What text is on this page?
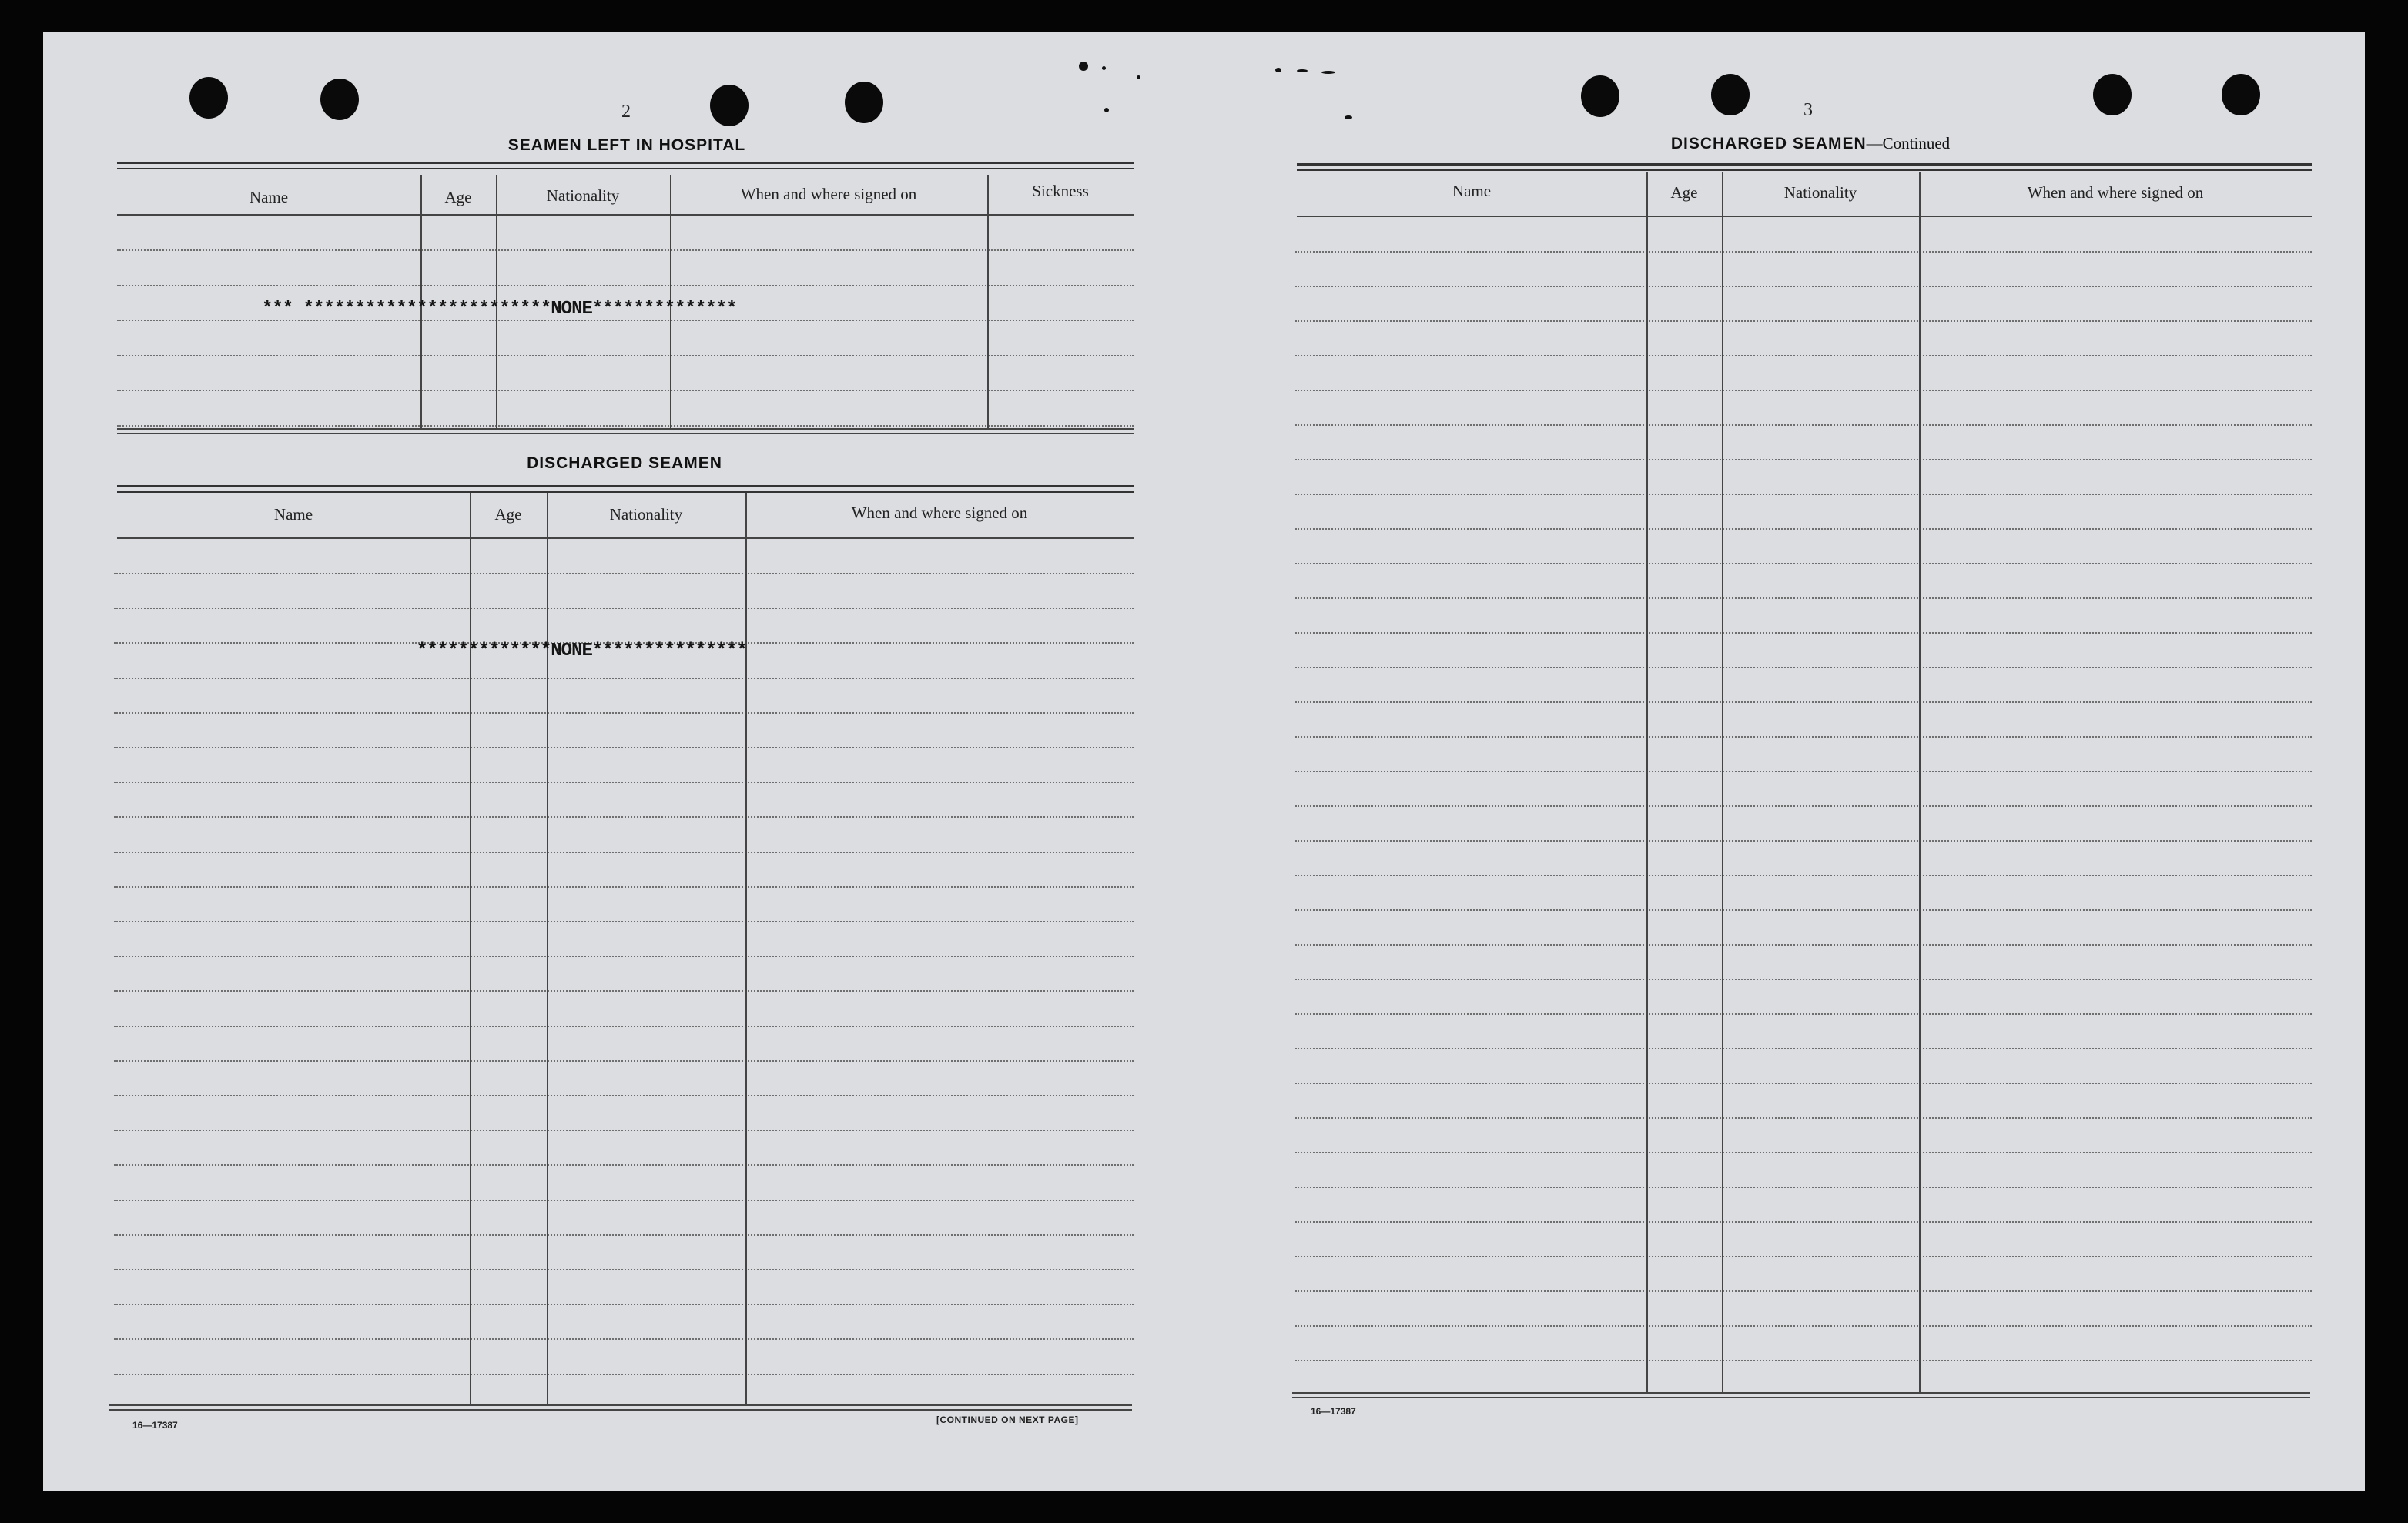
2
SEAMEN LEFT IN HOSPITAL
Name	Age	Nationality	When and where signed on	Sickness
*** ************************NONE**************
DISCHARGED SEAMEN
Name	Age	Nationality	When and where signed on
*************NONE***************
16—17387	[CONTINUED ON NEXT PAGE]
3
DISCHARGED SEAMEN—Continued
Name	Age	Nationality	When and where signed on
16—17387
